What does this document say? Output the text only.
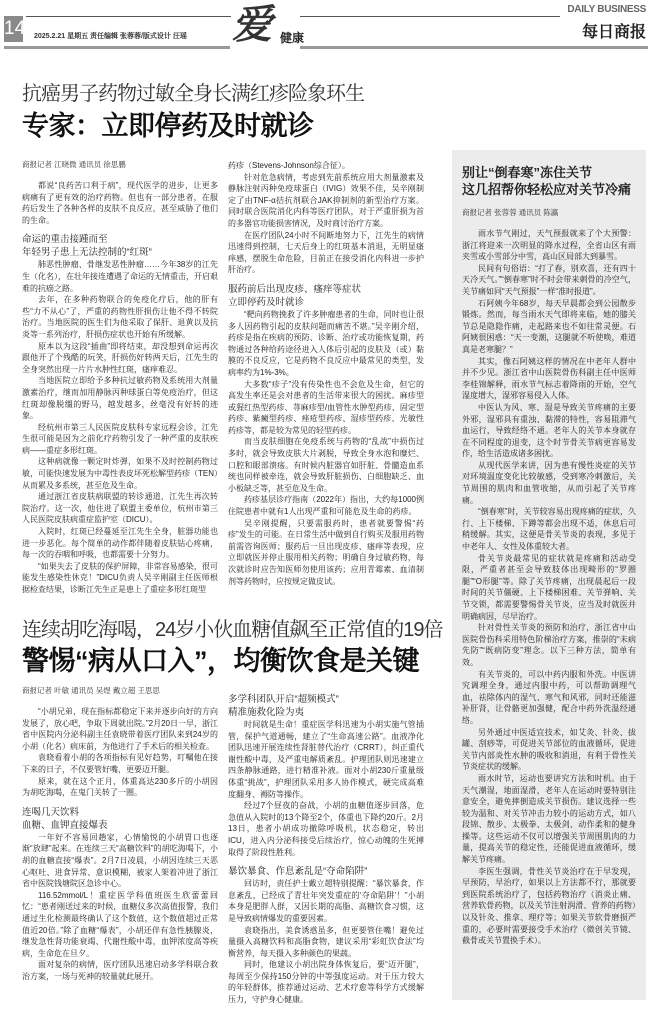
14 2025.2.21 星期五 责任编辑 张蓉蓉/版式设计 汪瑶 爱 健康
DAILY BUSINESS
每日商报
抗癌男子药物过敏全身长满红疹险象环生
专家：立即停药及时就诊
商报记者 江晓微 通讯员 徐思鹏

都说“良药苦口利于病”，现代医学的进步，让更多病痛有了更有效的治疗药物。但也有一部分患者，在服药后发生了各种各样的皮肤不良反应，甚至威胁了他们的生命。

命运的重击接踵而至
年轻男子患上无法控制的“红斑”

肺恶性肿瘤、骨继发恶性肿瘤……今年38岁的江先生（化名），在壮年接连遭遇了命运的无情重击，开启艰难的抗癌之路。

去年，在多种药物联合的免疫化疗后，他的肝有些“力不从心”了，严重的药物性肝损伤让他不得不转院治疗。当地医院的医生们为他采取了保肝、退黄以及抗炎等一系列治疗，肝损伤症状也开始有所缓解。

原本以为这段“插曲”即将结束，却没想到命运再次跟他开了个残酷的玩笑，肝损伤好转两天后，江先生的全身突然出现一片片水肿性红斑，瘙痒难忍。

当地医院立即给予多种抗过敏药物及系统用大剂量激素治疗，继而加用静脉丙种球蛋白等免疫治疗，但这红斑却像脱缰的野马，越发越多，丝毫没有好转的迹象。

经杭州市第三人民医院皮肤科专家远程会诊，江先生很可能是因为之前化疗药物引发了一种严重的皮肤疾病——重症多形红斑。

这种病就像一颗定时炸弹，如果不及时控制药物过敏，可能快速发展为中毒性表皮坏死松解型药疹（TEN）从而累及多系统，甚至危及生命。

通过浙江省皮肤病联盟的转诊通道，江先生再次转院治疗。这一次，他住进了联盟主委单位，杭州市第三人民医院皮肤病重症监护室（DICU）。

入院时，红斑已经蔓延至江先生全身，脏器功能也进一步恶化。每个简单的动作都伴随着皮肤钻心疼痛，每一次的吞咽和呼吸，也都需要十分努力。

“如果失去了皮肤的保护屏障，非常容易感染，很可能发生感染性休克！”DICU负责人吴辛刚副主任医师根据检查结果，诊断江先生正是患上了重症多形红斑型

药疹（Stevens-Johnson综合征）。

针对危急病情，考虑到先前系统应用大剂量激素及静脉注射丙种免疫球蛋白（IVIG）效果不佳，吴辛刚制定了由TNF-α拮抗剂联合JAK抑制剂的新型治疗方案。同时联合医院消化内科等医疗团队，对于严重肝损为首的多器官功能损害情况，及时商讨治疗方案。

在医疗团队24小时不间断地努力下，江先生的病情迅速得到控制，七天后身上的红斑基本消退，无明显瘙痒感，摆脱生命危险，目前正在接受消化内科进一步护肝治疗。

服药前后出现皮疹、瘙痒等症状
立即停药及时就诊

“靶向药物挽救了许多肿瘤患者的生命，同时也让很多人因药物引起的皮肤问题而痛苦不堪。”吴辛刚介绍，药疹是指在疾病的预防、诊断、治疗或功能恢复期，药物通过各种给药途径进入人体后引起的皮肤及（或）黏膜的不良反应，它是药物不良反应中最常见的类型，发病率约为1%-3%。

大多数“疹子”没有传染性也不会危及生命，但它的高发生率还是会对患者的生活带来很大的困扰。麻疹型或猩红热型药疹、荨麻疹型/血管性水肿型药疹、固定型药疹、紫癜型药疹、痤疮型药疹、湿疹型药疹、光敏性药疹等，都是较为常见的轻型药疹。

而当皮肤细胞在免疫系统与药物的“乱战”中损伤过多时，就会导致皮肤大片剥脱，导致全身水泡和糜烂、口腔和眼部溃疡。有时候内脏器官如肝脏、骨髓造血系统也同样被牵连，就会导致肝脏损伤、白细胞缺乏、血小板缺乏等，甚至危及生命。

药疹基层诊疗指南（2022年）指出，大约每1000例住院患者中就有1人出现严重和可能危及生命的药疹。

吴辛刚提醒，只要需服药时，患者就要警惕“药疹”发生的可能。在日常生活中做到自行购买及服用药物前需咨询医师；服药后一旦出现皮疹、瘙痒等表现，应立即就医并停止服用相关药物；明确自身过敏药物，每次就诊时应告知医师勿使用该药；应用青霉素、血清制剂等药物时，应按规定做皮试。

别让“倒春寒”冻住关节
这几招帮你轻松应对关节冷痛
商报记者 张蓉蓉 通讯员 陈瀛

雨水节气刚过，天气预报就来了个大预警：浙江将迎来一次明显的降水过程，全省山区有雨夹雪或小雪部分中雪，高山区局部大到暴雪。

民间有句俗语：“打了春，别欢喜，还有四十天冷天气。”“倒春寒”时不时会带来刺骨的冷空气，关节痛如同“天气预报”一样“准时报道”。

石阿姨今年68岁，每天早晨都会到公园散步锻炼。然而，每当雨水天气即将来临，她的膝关节总是隐隐作痛，走起路来也不如往常灵便。石阿姨很困惑：“天一变潮，这腿就不听使唤，难道真是老寒腿？”

其实，像石阿姨这样的情况在中老年人群中并不少见。浙江省中山医院骨伤科副主任中医师李桂锦解释，雨水节气标志着降雨的开始，空气湿度增大，湿邪容易侵入人体。

中医认为风、寒、湿是导致关节疼痛的主要外邪，湿邪具有重浊、黏滞的特性，容易阻滞气血运行，导致经络不通。老年人的关节本身就存在不同程度的退变，这个时节骨关节病更容易发作，给生活造成诸多困扰。

从现代医学来讲，因为患有慢性炎症的关节对环境温度变化比较敏感，受到寒冷刺激后，关节周围的肌肉和血管收缩，从而引起了关节疼痛。

“倒春寒”时，关节较容易出现疼痛的症状，久行、上下楼梯、下蹲等都会出现不适，休息后可稍缓解。其实，这便是骨关节炎的表现，多见于中老年人、女性及体重较大者。

骨关节炎最常见的症状就是疼痛和活动受限，严重者甚至会导致肢体出现畸形的“罗圈腿”“O形腿”等。除了关节疼痛，出现晨起后一段时间的关节僵硬、上下楼梯困难、关节弹响、关节交锁，都需要警惕骨关节炎，应当及时就医并明确病因，尽早治疗。

针对骨性关节炎的预防和治疗，浙江省中山医院骨伤科采用特色阶梯治疗方案，推崇的“未病先防”“既病防变”理念。以下三种方法，简单有效。

有关节炎的，可以中药内服和外洗。中医讲究调理全身，通过内服中药，可以帮助调理气血，祛除体内的湿气、寒气和风邪，同时还能滋补肝肾，让骨骼更加强健，配合中药外洗温经通络。

另外通过中医适宜技术，如艾灸、针灸、拔罐、刮痧等，可促进关节部位的血液循环，促进关节内部炎性水肿的吸收和消退，有利于骨性关节炎症状的缓解。

雨水时节，运动也要讲究方法和时机。由于天气潮湿，地面湿滑，老年人在运动时要特别注意安全，避免摔倒造成关节损伤。建议选择一些较为温和、对关节冲击力较小的运动方式，如八段锦、散步、太极拳、太极剑、动作柔和的健身操等。这些运动不仅可以增强关节周围肌肉的力量，提高关节的稳定性，还能促进血液循环，缓解关节疼痛。

李医生强调，骨性关节炎治疗在于早发现，早预防，早治疗，如果以上方法都不行，那就要到医院系统治疗了，包括药物治疗（消炎止痛、营养软骨药物，以及关节注射润滑、营养的药物）以及针灸、推拿、理疗等；如果关节软骨磨损严重的，必要时需要接受手术治疗（微创关节镜、截骨或关节置换手术）。

连续胡吃海喝，24岁小伙血糖值飙至正常值的19倍
警惕“病从口入”，均衡饮食是关键
商报记者 叶敏 通讯员 吴煜 戴立超 王思思

“小胡兄弟，现在指标都稳定下来并逐步向好的方向发展了，放心吧，争取下周就出院。”2月20日一早，浙江省中医院内分泌科副主任袁晓带着医疗团队来到24岁的小胡（化名）病床前，为他进行了手术后的相关检查。

袁晓看着小胡的各项指标有见好趋势，叮嘱他在接下来的日子，不仅要管好嘴，更要迈开腿。

原来，就在这个正月，体重高达230多斤的小胡因为胡吃海喝，在鬼门关转了一圈。

连喝几天饮料
血糖、血钾直接爆表

一年好不容易回趟家，心情愉悦的小胡胃口也逐渐“放肆”起来。在连续三天“高糖饮料”的胡吃海喝下，小胡的血糖直接“爆表”。2月7日凌晨，小胡因连续三天恶心呕吐、进食异常、意识模糊，被家人架着冲进了浙江省中医院钱塘院区急诊中心。

116.52mmol/L！重症医学科值班医生欣蕾蕾回忆：“患者刚送过来的时候，血糖仪多次高值报警，我们通过生化检测最终确认了这个数值，这个数值超过正常值近20倍。”除了血糖“爆表”，小胡还伴有急性胰腺炎，继发急性肾功能衰竭、代谢性酸中毒，血钾浓度高等疾病，生命危在旦夕。

面对复杂的病情，医疗团队迅速启动多学科联合救治方案，一场与死神的较量就此展开。

多学科团队开启“超频模式”
精准施救化险为夷

时间就是生命！重症医学科迅速为小胡实施气管插管，保护气道通畅，建立了“生命高速公路”。血液净化团队迅速开展连续性肾脏替代治疗（CRRT），纠正重代谢性酸中毒，及严重电解质紊乱。护理团队则迅速建立四条静脉通路，进行精准补液。面对小胡230斤重量级体重“挑战”，护理团队采用多人协作模式，硬完成高难度翻身、褥防等操作。

经过7个昼夜的奋战，小胡的血糖值逐步回落，危急值从入院时的13个降至2个，体重也下降约20斤。2月13日，患者小胡成功撤除呼吸机，状态稳定，转出ICU，进入内分泌科接受后续治疗，惊心动魄的生死搏取得了阶段性胜利。

暴饮暴食、作息紊乱是“夺命陷阱”

回访时，责任护士戴立超特别提醒：“暴饮暴食、作息紊乱，已经成了青壮年突发重症的‘夺命陷阱’！”小胡本身是肥胖人群，又因长期的高脂、高糖饮食习惯，这是导致病情爆发的重要因素。

袁晓指出，美食诱惑虽多，但更要管住嘴！避免过量摄入高糖饮料和高脂食物，建议采用“彩虹饮食法”均衡营养，每天摄入多种颜色的果蔬。

同时，他建议小胡出院身体恢复后，要“迈开腿”，每周至少保持150分钟的中等强度运动。对于压力较大的年轻群体，推荐通过运动、艺术疗愈等科学方式缓解压力，守护身心健康。
